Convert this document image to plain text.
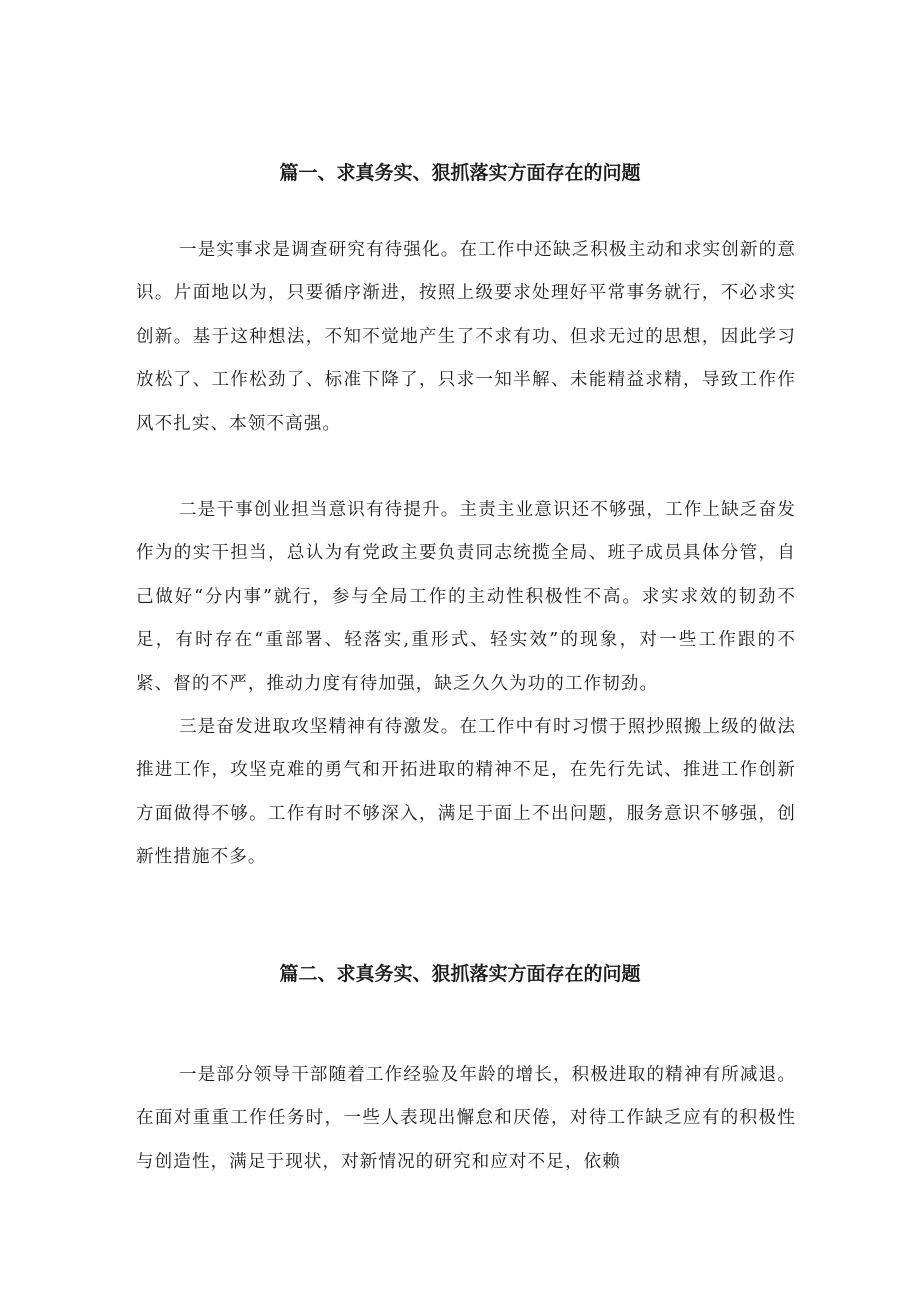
篇一、求真务实、狠抓落实方面存在的问题

一是实事求是调查研究有待强化。在工作中还缺乏积极主动和求实创新的意识。片面地以为，只要循序渐进，按照上级要求处理好平常事务就行，不必求实创新。基于这种想法，不知不觉地产生了不求有功、但求无过的思想，因此学习放松了、工作松劲了、标准下降了，只求一知半解、未能精益求精，导致工作作风不扎实、本领不高强。

二是干事创业担当意识有待提升。主责主业意识还不够强，工作上缺乏奋发作为的实干担当，总认为有党政主要负责同志统揽全局、班子成员具体分管，自己做好“分内事”就行，参与全局工作的主动性积极性不高。求实求效的韧劲不足，有时存在“重部署、轻落实,重形式、轻实效”的现象，对一些工作跟的不紧、督的不严，推动力度有待加强，缺乏久久为功的工作韧劲。

三是奋发进取攻坚精神有待激发。在工作中有时习惯于照抄照搬上级的做法推进工作，攻坚克难的勇气和开拓进取的精神不足，在先行先试、推进工作创新方面做得不够。工作有时不够深入，满足于面上不出问题，服务意识不够强，创新性措施不多。

篇二、求真务实、狠抓落实方面存在的问题

一是部分领导干部随着工作经验及年龄的增长，积极进取的精神有所减退。在面对重重工作任务时，一些人表现出懈怠和厌倦，对待工作缺乏应有的积极性与创造性，满足于现状，对新情况的研究和应对不足，依赖
